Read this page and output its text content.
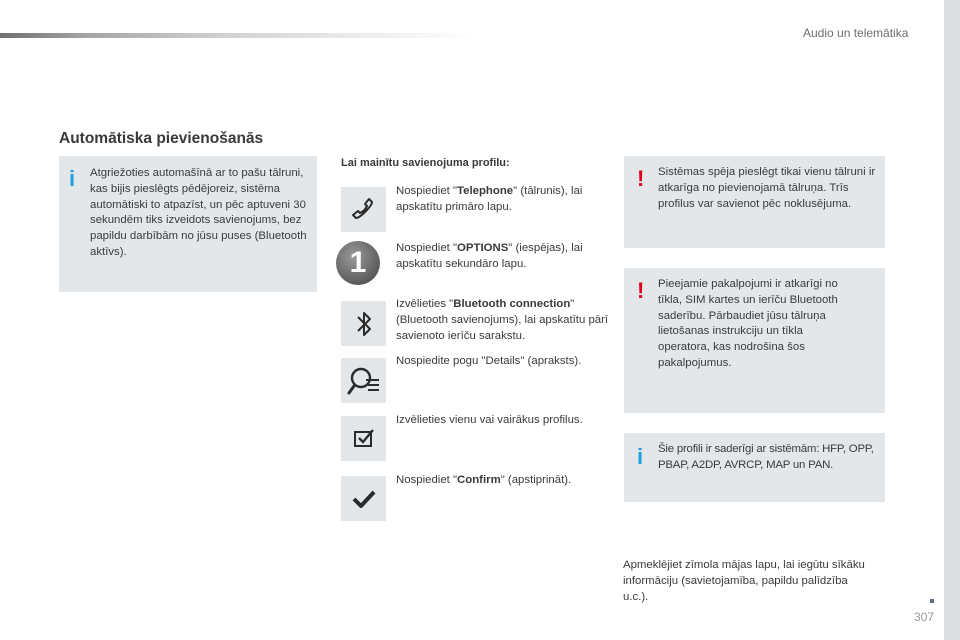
Audio un telemātika
Automātiska pievienošanās
i Atgriežoties automašīnā ar to pašu tālruni, kas bijis pieslēgts pēdējoreiz, sistēma automātiski to atpazīst, un pēc aptuveni 30 sekundēm tiks izveidots savienojums, bez papildu darbībām no jūsu puses (Bluetooth aktīvs).
Lai mainītu savienojuma profilu:
1
Nospiediet "Telephone" (tālrunis), lai apskatītu primāro lapu.
Nospiediet "OPTIONS" (iespējas), lai apskatītu sekundāro lapu.
Izvēlieties "Bluetooth connection" (Bluetooth savienojums), lai apskatītu pārī savienoto ierīču sarakstu.
Nospiedite pogu "Details" (apraksts).
Izvēlieties vienu vai vairākus profilus.
Nospiediet "Confirm" (apstiprināt).
! Sistēmas spēja pieslēgt tikai vienu tālruni ir atkarīga no pievienojamā tālruņa. Trīs profilus var savienot pēc noklusējuma.
! Pieejamie pakalpojumi ir atkarīgi no tīkla, SIM kartes un ierīču Bluetooth saderību. Pārbaudiet jūsu tālruņa lietošanas instrukciju un tīkla operatora, kas nodrošina šos pakalpojumus.
i Šie profili ir saderīgi ar sistēmām: HFP, OPP, PBAP, A2DP, AVRCP, MAP un PAN.
Apmeklējiet zīmola mājas lapu, lai iegūtu sīkāku informāciju (savietojamība, papildu palīdzība u.c.).
307
